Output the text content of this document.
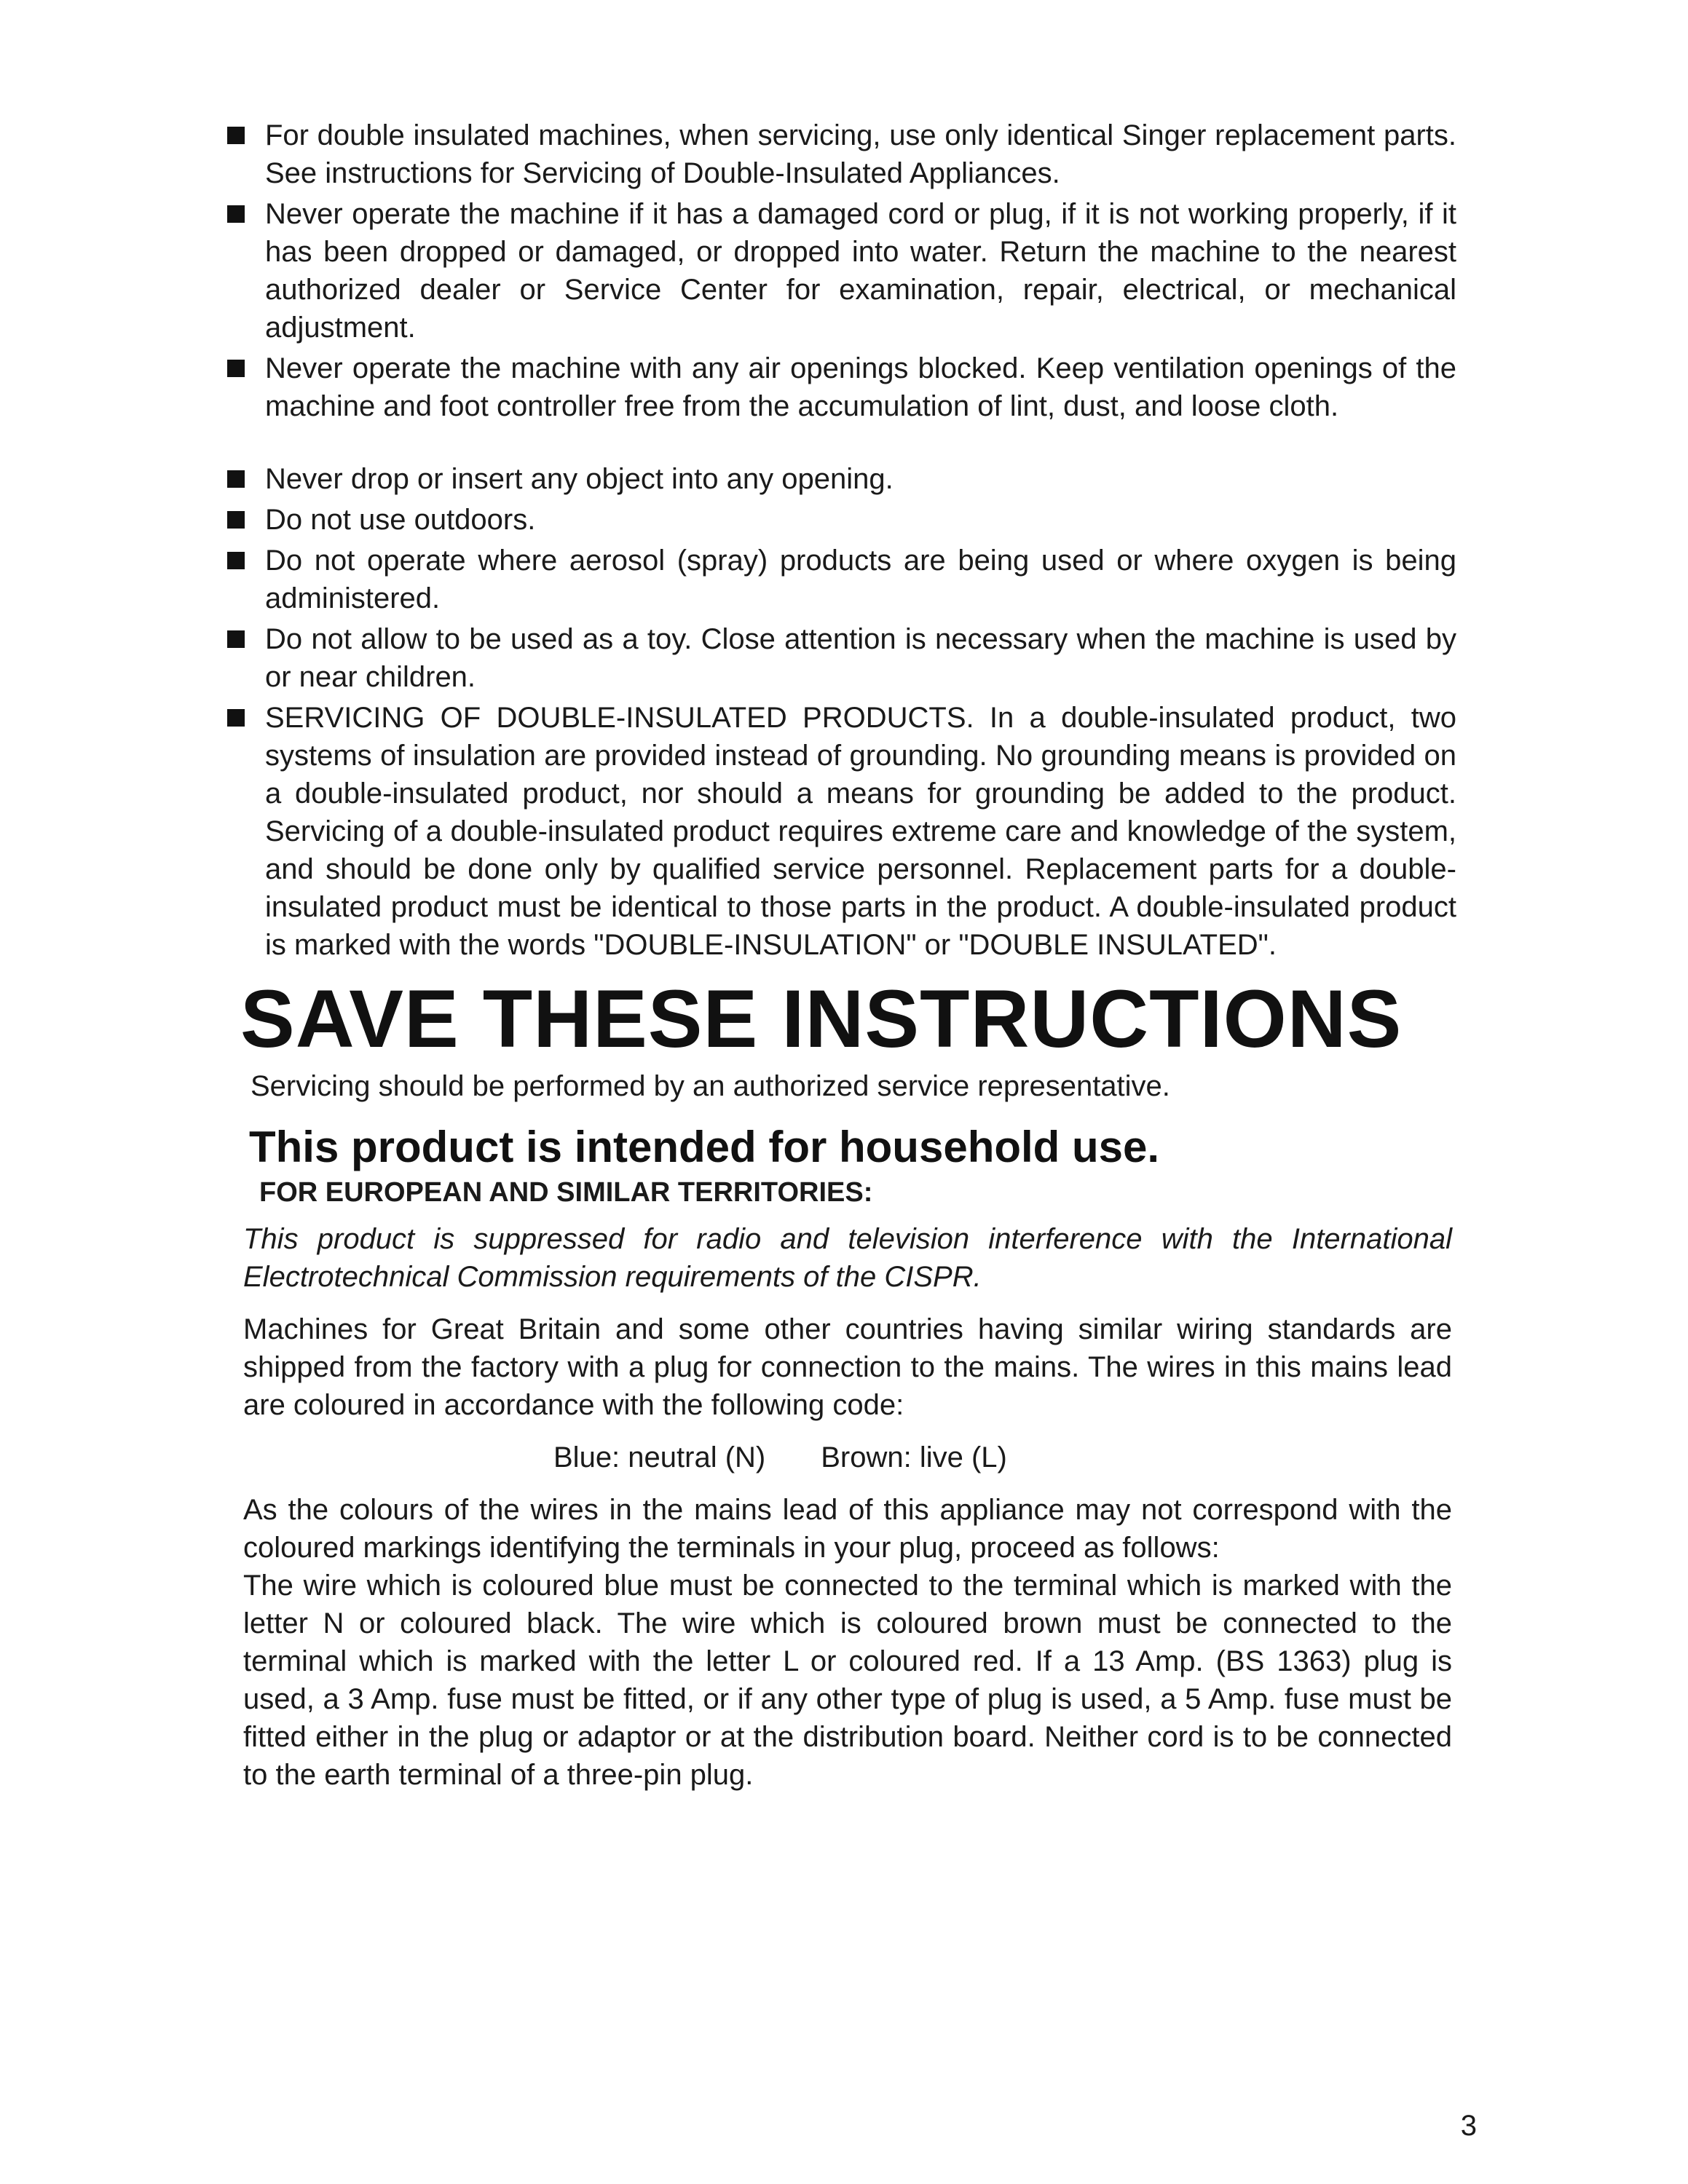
For double insulated machines, when servicing, use only identical Singer replacement parts. See instructions for Servicing of Double-Insulated Appliances.
Never operate the machine if it has a damaged cord or plug, if it is not working properly, if it has been dropped or damaged, or dropped into water. Return the machine to the nearest authorized dealer or Service Center for examination, repair, electrical, or mechanical adjustment.
Never operate the machine with any air openings blocked. Keep ventilation openings of the machine and foot controller free from the accumulation of lint, dust, and loose cloth.
Never drop or insert any object into any opening.
Do not use outdoors.
Do not operate where aerosol (spray) products are being used or where oxygen is being administered.
Do not allow to be used as a toy. Close attention is necessary when the machine is used by or near children.
SERVICING OF DOUBLE-INSULATED PRODUCTS. In a double-insulated product, two systems of insulation are provided instead of grounding. No grounding means is provided on a double-insulated product, nor should a means for grounding be added to the product. Servicing of a double-insulated product requires extreme care and knowledge of the system, and should be done only by qualified service personnel. Replacement parts for a double-insulated product must be identical to those parts in the product. A double-insulated product is marked with the words "DOUBLE-INSULATION" or "DOUBLE INSULATED".
SAVE THESE INSTRUCTIONS
Servicing should be performed by an authorized service representative.
This product is intended for household use.
FOR EUROPEAN AND SIMILAR TERRITORIES:
This product is suppressed for radio and television interference with the International Electrotechnical Commission requirements of the CISPR.
Machines for Great Britain and some other countries having similar wiring standards are shipped from the factory with a plug for connection to the mains. The wires in this mains lead are coloured in accordance with the following code:
Blue: neutral (N) Brown: live (L)
As the colours of the wires in the mains lead of this appliance may not correspond with the coloured markings identifying the terminals in your plug, proceed as follows:
The wire which is coloured blue must be connected to the terminal which is marked with the letter N or coloured black. The wire which is coloured brown must be connected to the terminal which is marked with the letter L or coloured red. If a 13 Amp. (BS 1363) plug is used, a 3 Amp. fuse must be fitted, or if any other type of plug is used, a 5 Amp. fuse must be fitted either in the plug or adaptor or at the distribution board. Neither cord is to be connected to the earth terminal of a three-pin plug.
3
